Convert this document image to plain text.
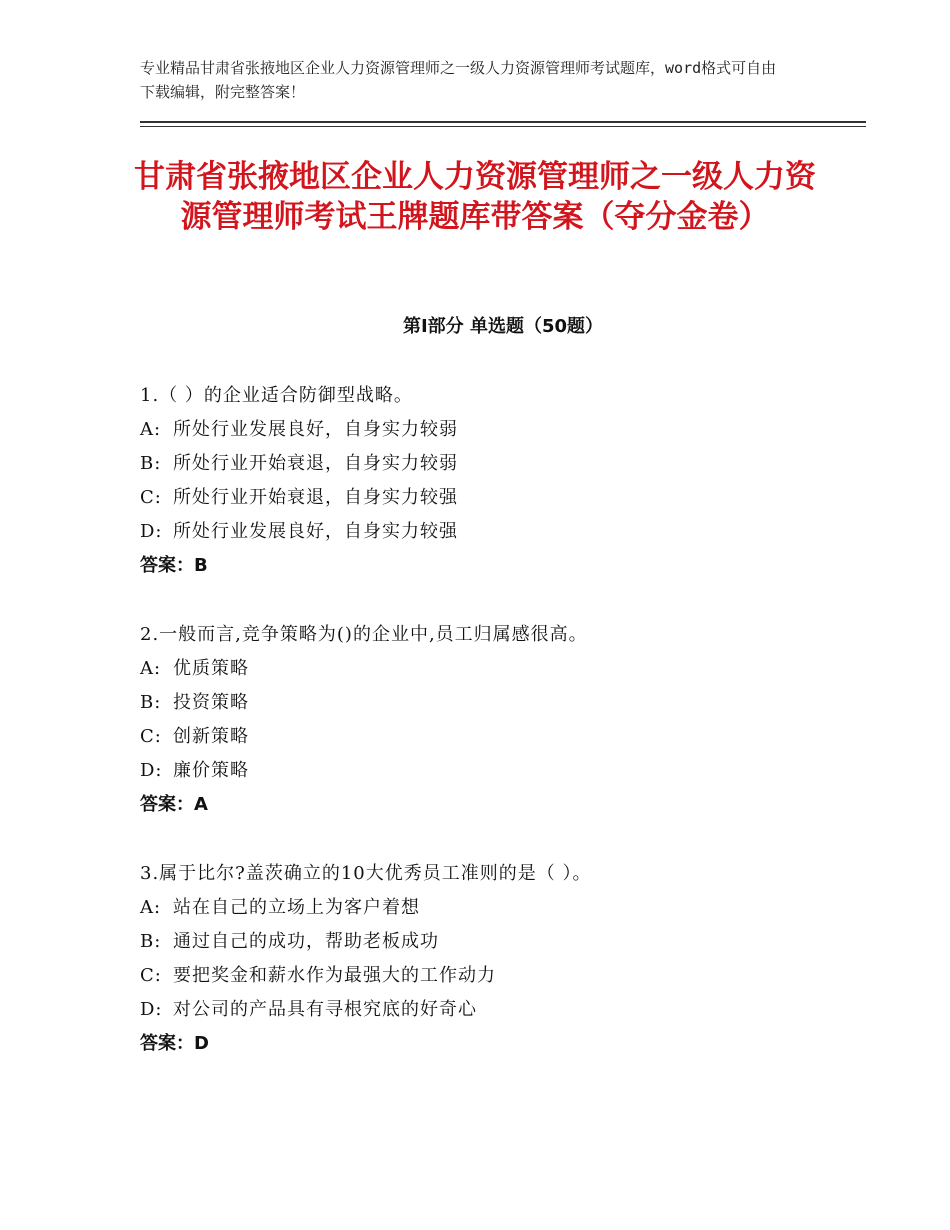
专业精品甘肃省张掖地区企业人力资源管理师之一级人力资源管理师考试题库，word格式可自由下载编辑，附完整答案！
甘肃省张掖地区企业人力资源管理师之一级人力资源管理师考试王牌题库带答案（夺分金卷）
第Ⅰ部分 单选题（50题）
1.（ ）的企业适合防御型战略。
A: 所处行业发展良好，自身实力较弱
B: 所处行业开始衰退，自身实力较弱
C: 所处行业开始衰退，自身实力较强
D: 所处行业发展良好，自身实力较强
答案：B
2.一般而言,竞争策略为()的企业中,员工归属感很高。
A: 优质策略
B: 投资策略
C: 创新策略
D: 廉价策略
答案：A
3.属于比尔?盖茨确立的10大优秀员工准则的是（ ）。
A: 站在自己的立场上为客户着想
B: 通过自己的成功，帮助老板成功
C: 要把奖金和薪水作为最强大的工作动力
D: 对公司的产品具有寻根究底的好奇心
答案：D
